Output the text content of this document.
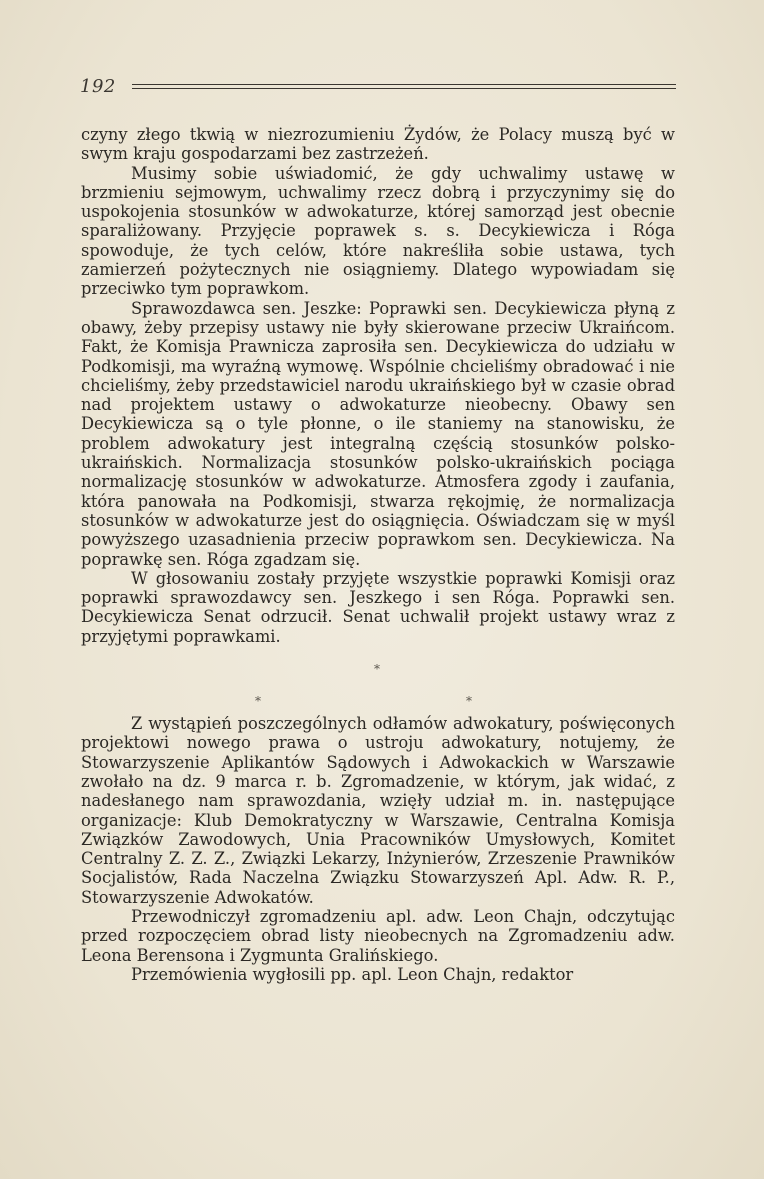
192

czyny złego tkwią w niezrozumieniu Żydów, że Polacy muszą być w swym kraju gospodarzami bez zastrzeżeń.

Musimy sobie uświadomić, że gdy uchwalimy ustawę w brzmieniu sejmowym, uchwalimy rzecz dobrą i przyczynimy się do uspokojenia stosunków w adwokaturze, której samorząd jest obecnie sparaliżowany. Przyjęcie poprawek s. s. Decykiewicza i Róga spowoduje, że tych celów, które nakreśliła sobie ustawa, tych zamierzeń pożytecznych nie osiągniemy. Dlatego wypowiadam się przeciwko tym poprawkom.

Sprawozdawca sen. Jeszke: Poprawki sen. Decykiewicza płyną z obawy, żeby przepisy ustawy nie były skierowane przeciw Ukraińcom. Fakt, że Komisja Prawnicza zaprosiła sen. Decykiewicza do udziału w Podkomisji, ma wyraźną wymowę. Wspólnie chcieliśmy obradować i nie chcieliśmy, żeby przedstawiciel narodu ukraińskiego był w czasie obrad nad projektem ustawy o adwokaturze nieobecny. Obawy sen Decykiewicza są o tyle płonne, o ile staniemy na stanowisku, że problem adwokatury jest integralną częścią stosunków polsko-ukraińskich. Normalizacja stosunków polsko-ukraińskich pociąga normalizację stosunków w adwokaturze. Atmosfera zgody i zaufania, która panowała na Podkomisji, stwarza rękojmię, że normalizacja stosunków w adwokaturze jest do osiągnięcia. Oświadczam się w myśl powyższego uzasadnienia przeciw poprawkom sen. Decykiewicza. Na poprawkę sen. Róga zgadzam się.

W głosowaniu zostały przyjęte wszystkie poprawki Komisji oraz poprawki sprawozdawcy sen. Jeszkego i sen Róga. Poprawki sen. Decykiewicza Senat odrzucił. Senat uchwalił projekt ustawy wraz z przyjętymi poprawkami.

*
*	*

Z wystąpień poszczególnych odłamów adwokatury, poświęconych projektowi nowego prawa o ustroju adwokatury, notujemy, że Stowarzyszenie Aplikantów Sądowych i Adwokackich w Warszawie zwołało na dz. 9 marca r. b. Zgromadzenie, w którym, jak widać, z nadesłanego nam sprawozdania, wzięły udział m. in. następujące organizacje: Klub Demokratyczny w Warszawie, Centralna Komisja Związków Zawodowych, Unia Pracowników Umysłowych, Komitet Centralny Z. Z. Z., Związki Lekarzy, Inżynierów, Zrzeszenie Prawników Socjalistów, Rada Naczelna Związku Stowarzyszeń Apl. Adw. R. P., Stowarzyszenie Adwokatów.

Przewodniczył zgromadzeniu apl. adw. Leon Chajn, odczytując przed rozpoczęciem obrad listy nieobecnych na Zgromadzeniu adw. Leona Berensona i Zygmunta Gralińskiego.

Przemówienia wygłosili pp. apl. Leon Chajn, redaktor
